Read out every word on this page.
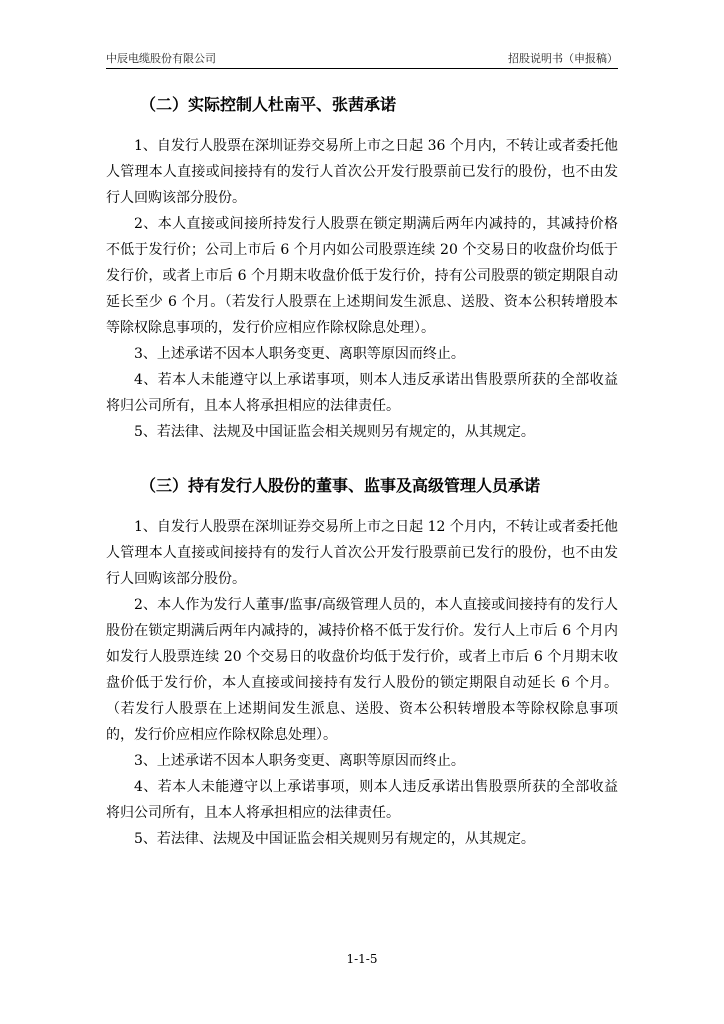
中辰电缆股份有限公司	招股说明书（申报稿）
（二）实际控制人杜南平、张茜承诺

1、自发行人股票在深圳证券交易所上市之日起 36 个月内，不转让或者委托他人管理本人直接或间接持有的发行人首次公开发行股票前已发行的股份，也不由发行人回购该部分股份。

2、本人直接或间接所持发行人股票在锁定期满后两年内减持的，其减持价格不低于发行价；公司上市后 6 个月内如公司股票连续 20 个交易日的收盘价均低于发行价，或者上市后 6 个月期末收盘价低于发行价，持有公司股票的锁定期限自动延长至少 6 个月。（若发行人股票在上述期间发生派息、送股、资本公积转增股本等除权除息事项的，发行价应相应作除权除息处理）。

3、上述承诺不因本人职务变更、离职等原因而终止。

4、若本人未能遵守以上承诺事项，则本人违反承诺出售股票所获的全部收益将归公司所有，且本人将承担相应的法律责任。

5、若法律、法规及中国证监会相关规则另有规定的，从其规定。

（三）持有发行人股份的董事、监事及高级管理人员承诺

1、自发行人股票在深圳证券交易所上市之日起 12 个月内，不转让或者委托他人管理本人直接或间接持有的发行人首次公开发行股票前已发行的股份，也不由发行人回购该部分股份。

2、本人作为发行人董事/监事/高级管理人员的，本人直接或间接持有的发行人股份在锁定期满后两年内减持的，减持价格不低于发行价。发行人上市后 6 个月内如发行人股票连续 20 个交易日的收盘价均低于发行价，或者上市后 6 个月期末收盘价低于发行价，本人直接或间接持有发行人股份的锁定期限自动延长 6 个月。（若发行人股票在上述期间发生派息、送股、资本公积转增股本等除权除息事项的，发行价应相应作除权除息处理）。

3、上述承诺不因本人职务变更、离职等原因而终止。

4、若本人未能遵守以上承诺事项，则本人违反承诺出售股票所获的全部收益将归公司所有，且本人将承担相应的法律责任。

5、若法律、法规及中国证监会相关规则另有规定的，从其规定。

1-1-5
